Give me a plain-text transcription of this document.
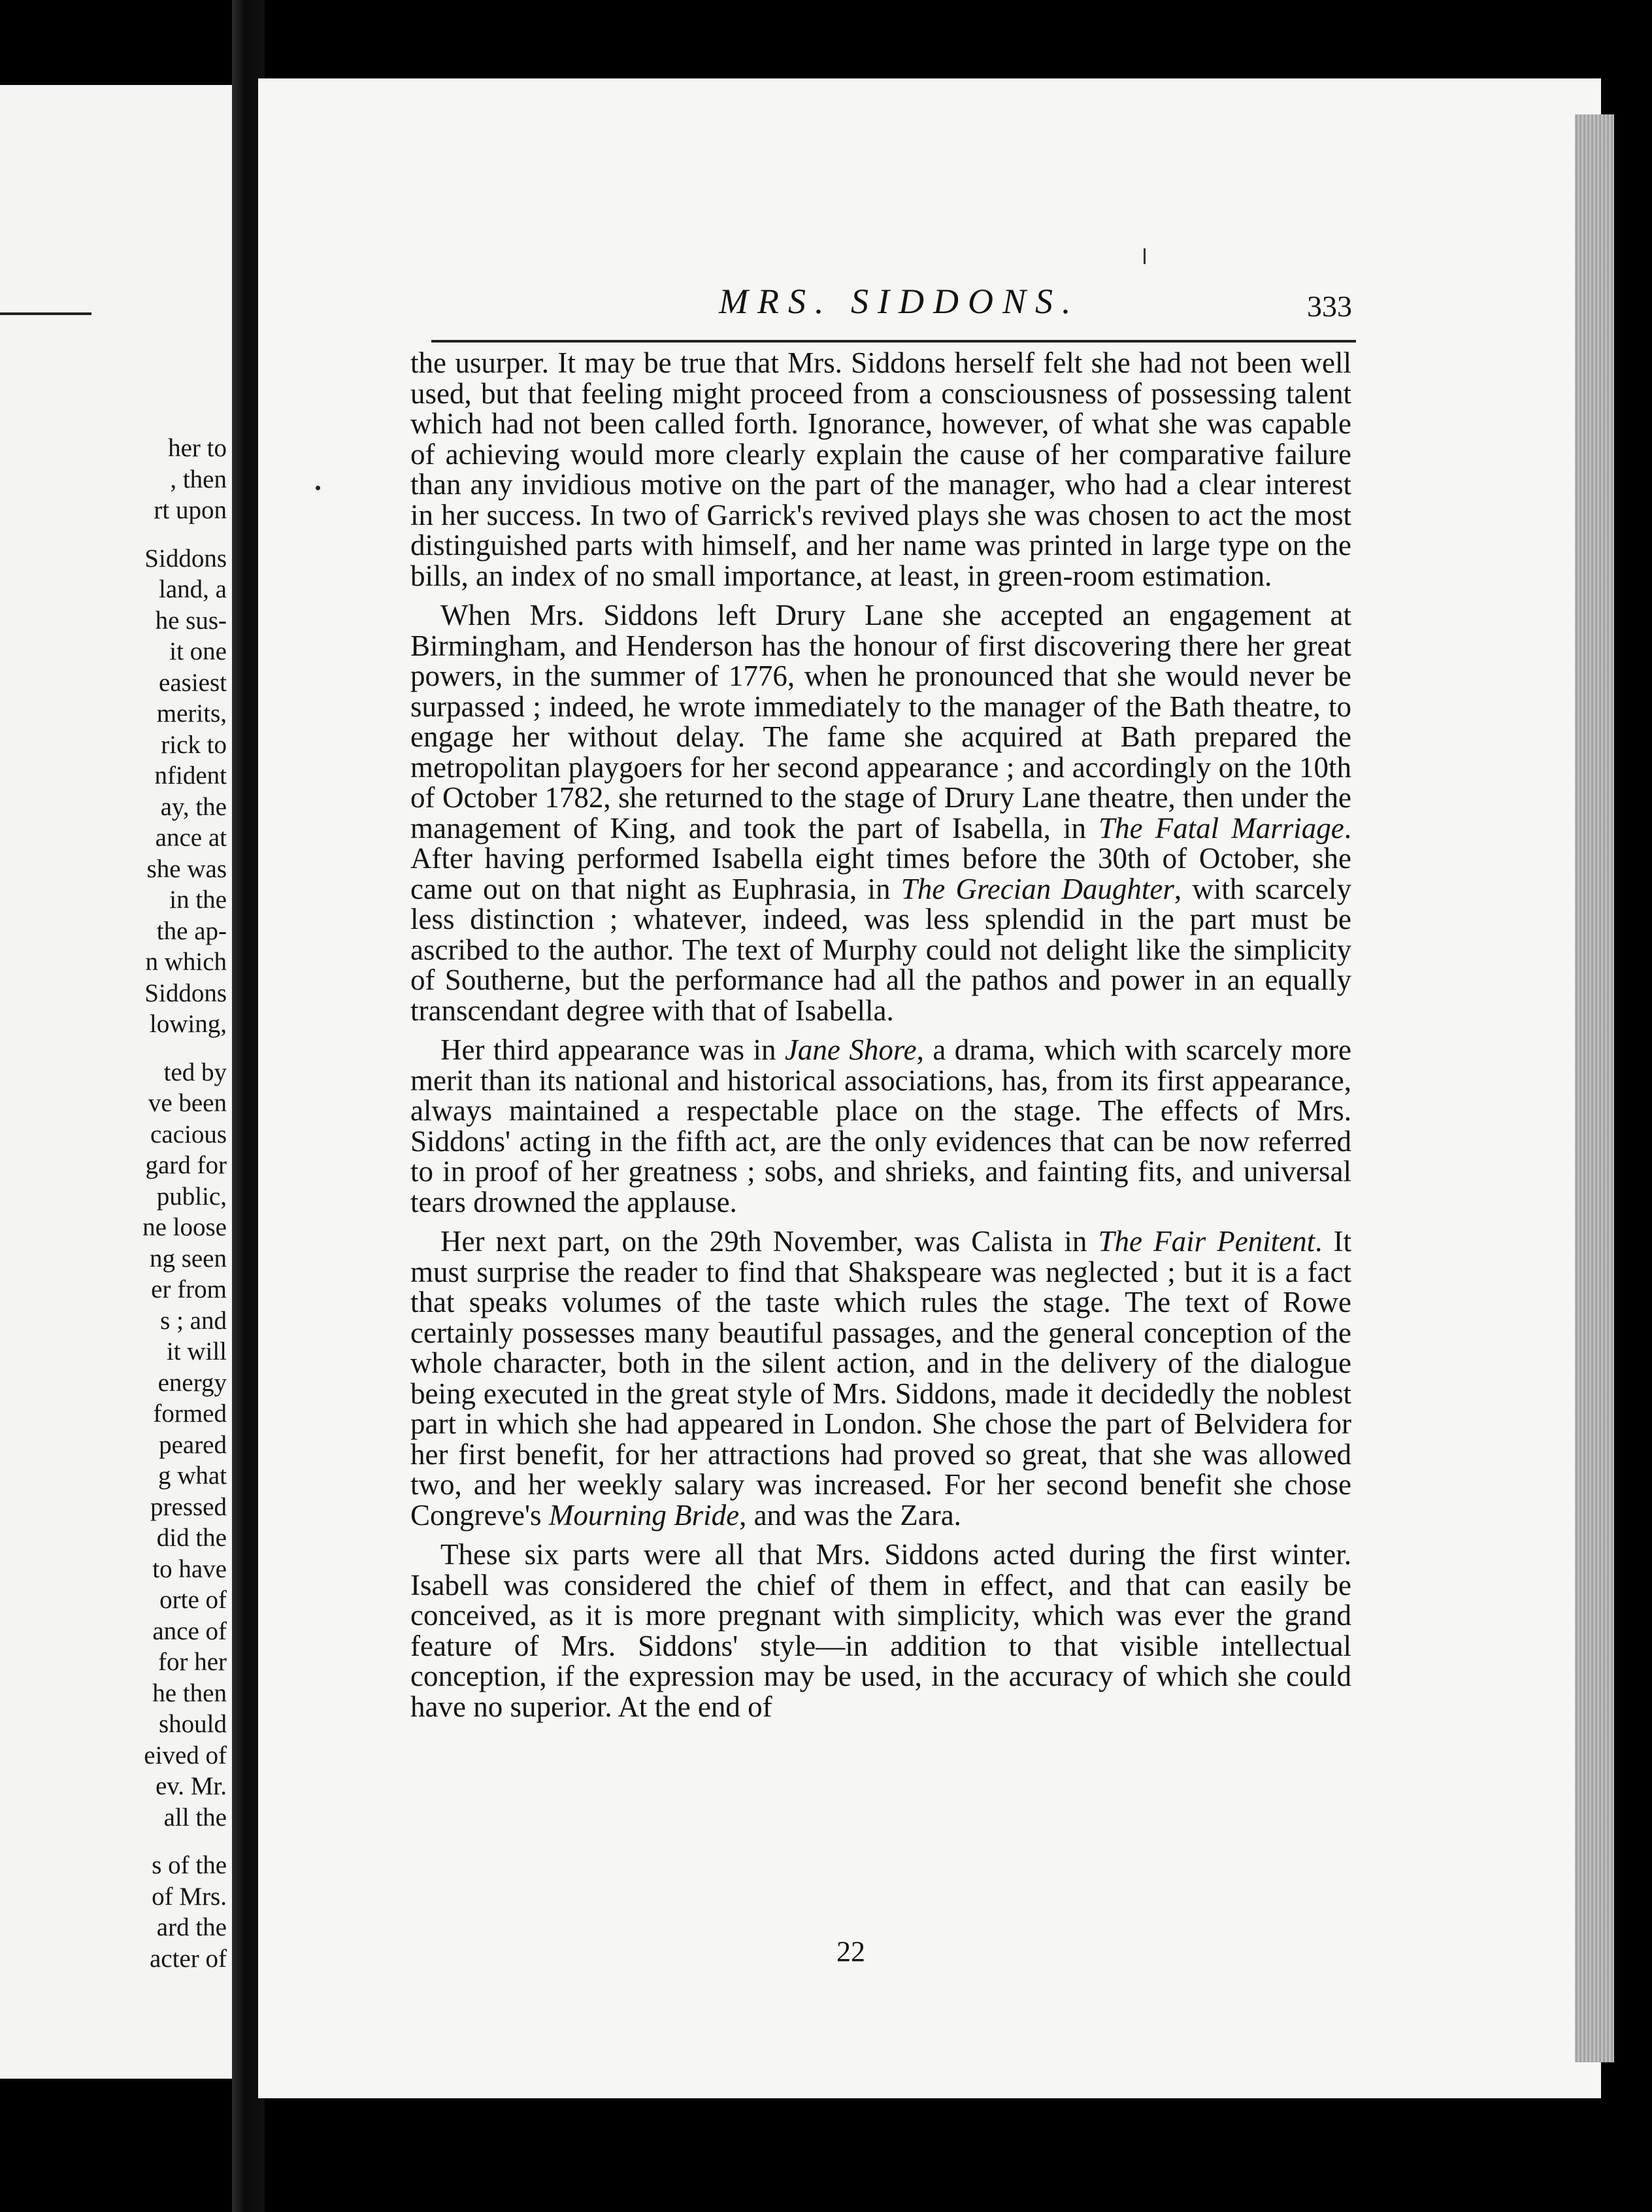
her to
, then
rt upon
Siddons
land, a
he sus-
it one
easiest
merits,
rick to
nfident
ay, the
ance at
she was
in the
the ap-
n which
Siddons
lowing,
ted by
ve been
cacious
gard for
public,
ne loose
ng seen
er from
s ; and
it will
energy
formed
peared
g what
pressed
did the
to have
orte of
ance of
for her
he then
should
eived of
ev. Mr.
all the
s of the
of Mrs.
ard the
acter of
MRS. SIDDONS.	333

the usurper. It may be true that Mrs. Siddons herself felt she had not been well used, but that feeling might proceed from a consciousness of possessing talent which had not been called forth. Ignorance, however, of what she was capable of achieving would more clearly explain the cause of her comparative failure than any invidious motive on the part of the manager, who had a clear interest in her success. In two of Garrick's revived plays she was chosen to act the most distinguished parts with himself, and her name was printed in large type on the bills, an index of no small importance, at least, in green-room estimation.

When Mrs. Siddons left Drury Lane she accepted an engagement at Birmingham, and Henderson has the honour of first discovering there her great powers, in the summer of 1776, when he pronounced that she would never be surpassed ; indeed, he wrote immediately to the manager of the Bath theatre, to engage her without delay. The fame she acquired at Bath prepared the metropolitan playgoers for her second appearance ; and accordingly on the 10th of October 1782, she returned to the stage of Drury Lane theatre, then under the management of King, and took the part of Isabella, in The Fatal Marriage. After having performed Isabella eight times before the 30th of October, she came out on that night as Euphrasia, in The Grecian Daughter, with scarcely less distinction ; whatever, indeed, was less splendid in the part must be ascribed to the author. The text of Murphy could not delight like the simplicity of Southerne, but the performance had all the pathos and power in an equally transcendant degree with that of Isabella.

Her third appearance was in Jane Shore, a drama, which with scarcely more merit than its national and historical associations, has, from its first appearance, always maintained a respectable place on the stage. The effects of Mrs. Siddons' acting in the fifth act, are the only evidences that can be now referred to in proof of her greatness ; sobs, and shrieks, and fainting fits, and universal tears drowned the applause.

Her next part, on the 29th November, was Calista in The Fair Penitent. It must surprise the reader to find that Shakspeare was neglected ; but it is a fact that speaks volumes of the taste which rules the stage. The text of Rowe certainly possesses many beautiful passages, and the general conception of the whole character, both in the silent action, and in the delivery of the dialogue being executed in the great style of Mrs. Siddons, made it decidedly the noblest part in which she had appeared in London. She chose the part of Belvidera for her first benefit, for her attractions had proved so great, that she was allowed two, and her weekly salary was increased. For her second benefit she chose Congreve's Mourning Bride, and was the Zara.

These six parts were all that Mrs. Siddons acted during the first winter. Isabell was considered the chief of them in effect, and that can easily be conceived, as it is more pregnant with simplicity, which was ever the grand feature of Mrs. Siddons' style—in addition to that visible intellectual conception, if the expression may be used, in the accuracy of which she could have no superior. At the end of

22
